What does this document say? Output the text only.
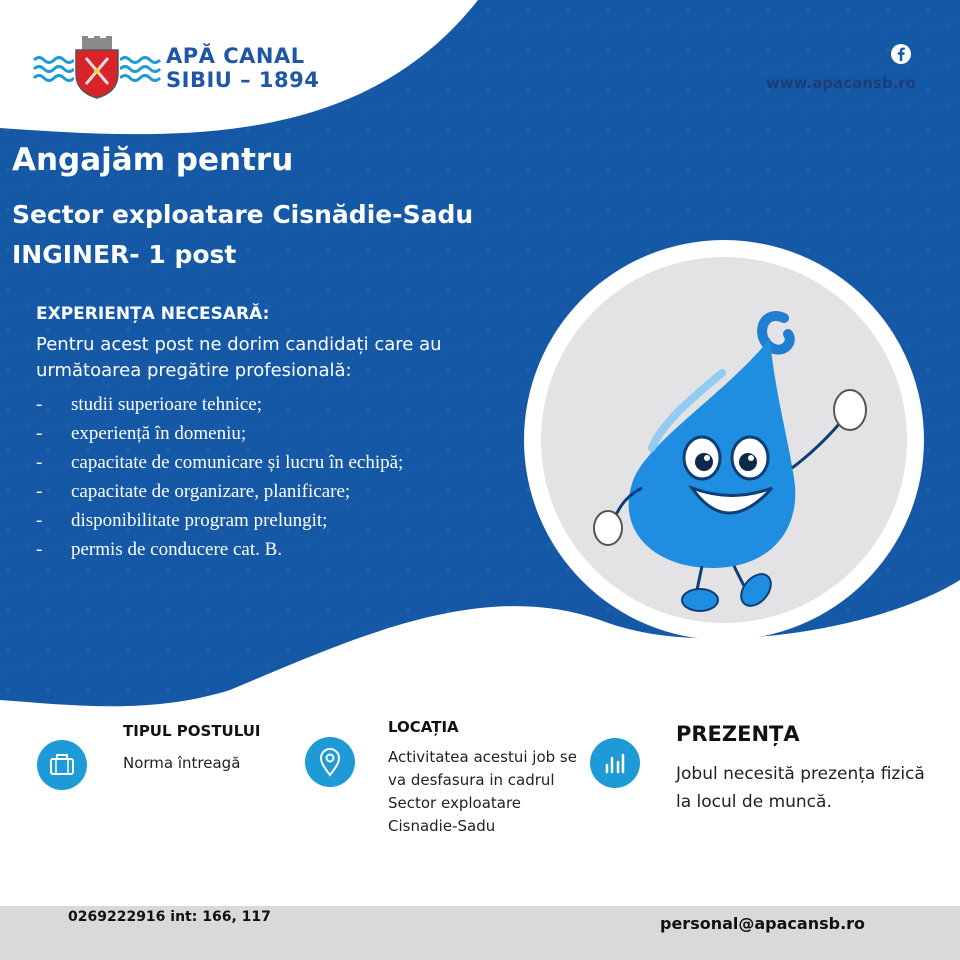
APĂ CANAL
SIBIU – 1894	www.apacansb.ro
Angajăm pentru
Sector exploatare Cisnădie-Sadu
INGINER- 1 post
EXPERIENȚA NECESARĂ:
Pentru acest post ne dorim candidați care au următoarea pregătire profesională:
- studii superioare tehnice;
- experiență în domeniu;
- capacitate de comunicare și lucru în echipă;
- capacitate de organizare, planificare;
- disponibilitate program prelungit;
- permis de conducere cat. B.
TIPUL POSTULUI
Norma întreagă
LOCAȚIA
Activitatea acestui job se va desfasura in cadrul Sector exploatare Cisnadie-Sadu
PREZENȚA
Jobul necesită prezența fizică la locul de muncă.
0269222916 int: 166, 117	personal@apacansb.ro
